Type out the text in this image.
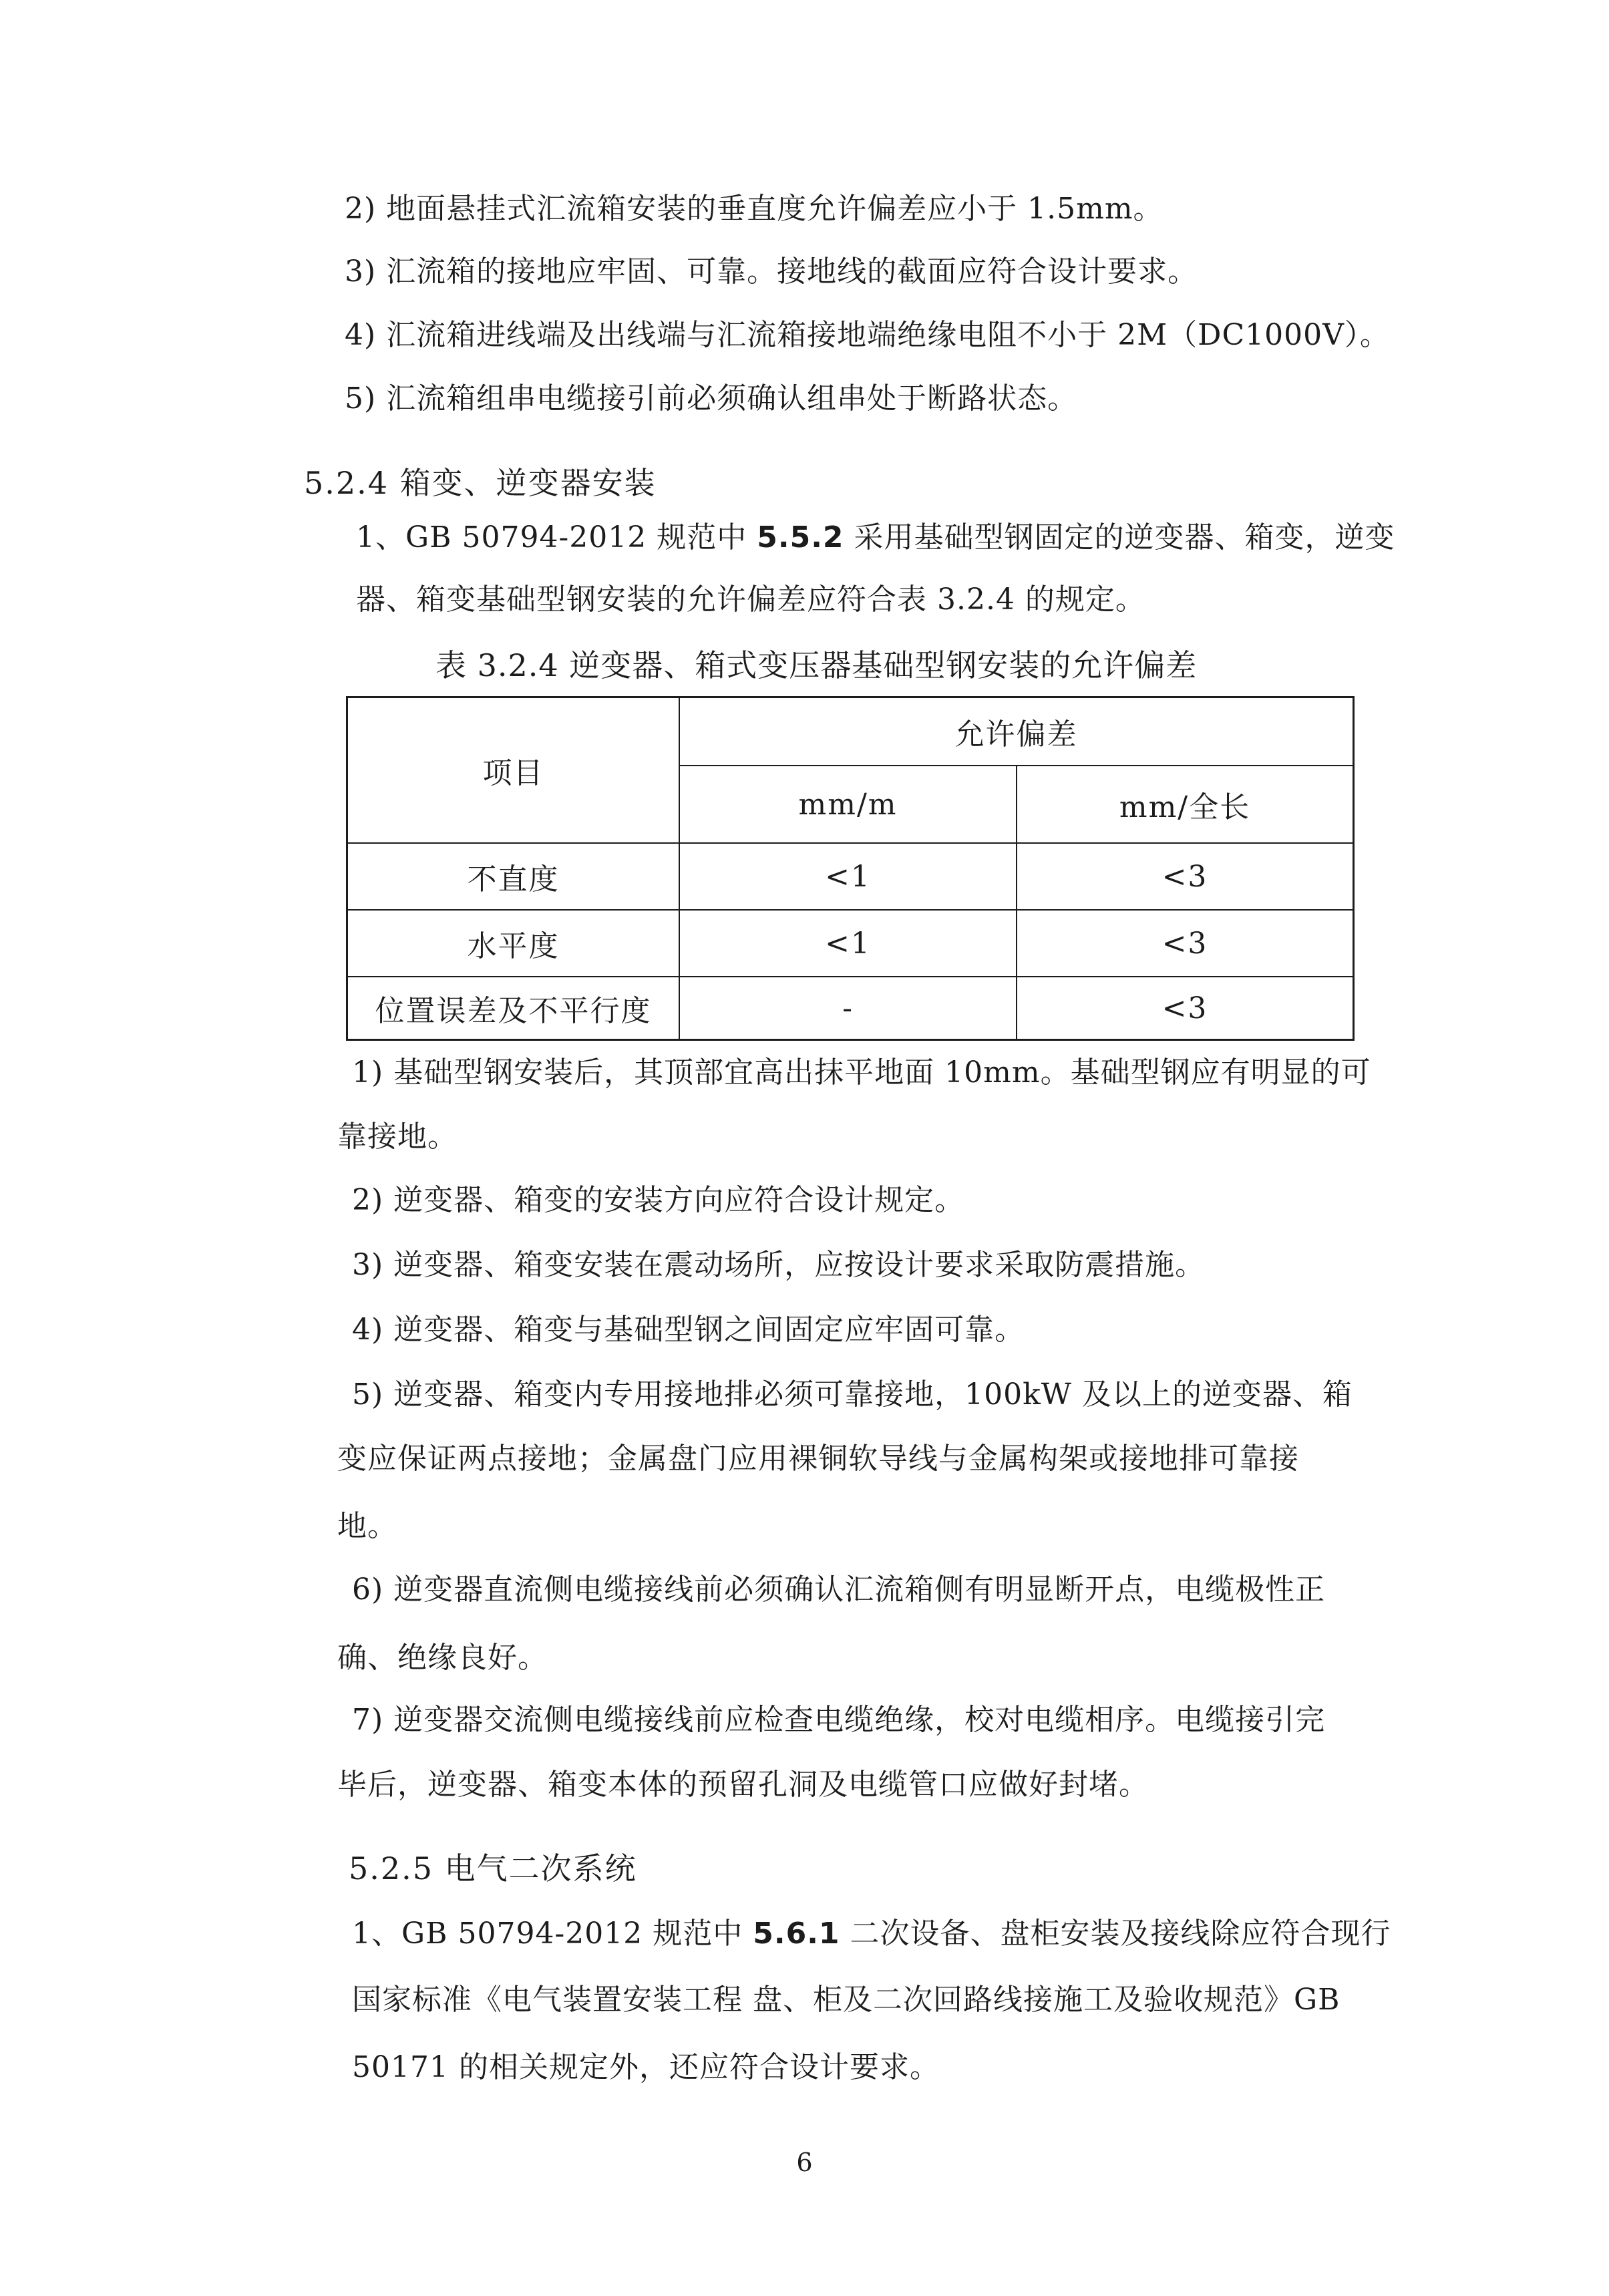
2) 地面悬挂式汇流箱安装的垂直度允许偏差应小于 1.5mm。
3) 汇流箱的接地应牢固、可靠。接地线的截面应符合设计要求。
4) 汇流箱进线端及出线端与汇流箱接地端绝缘电阻不小于 2M（DC1000V）。
5) 汇流箱组串电缆接引前必须确认组串处于断路状态。
5.2.4 箱变、逆变器安装
1、GB 50794-2012 规范中 5.5.2 采用基础型钢固定的逆变器、箱变，逆变
器、箱变基础型钢安装的允许偏差应符合表 3.2.4 的规定。
表 3.2.4 逆变器、箱式变压器基础型钢安装的允许偏差
项目
允许偏差
mm/m	mm/全长
不直度	<1	<3
水平度	<1	<3
位置误差及不平行度	-	<3
1) 基础型钢安装后，其顶部宜高出抹平地面 10mm。基础型钢应有明显的可
靠接地。
2) 逆变器、箱变的安装方向应符合设计规定。
3) 逆变器、箱变安装在震动场所，应按设计要求采取防震措施。
4) 逆变器、箱变与基础型钢之间固定应牢固可靠。
5) 逆变器、箱变内专用接地排必须可靠接地，100kW 及以上的逆变器、箱
变应保证两点接地；金属盘门应用裸铜软导线与金属构架或接地排可靠接
地。
6) 逆变器直流侧电缆接线前必须确认汇流箱侧有明显断开点，电缆极性正
确、绝缘良好。
7) 逆变器交流侧电缆接线前应检查电缆绝缘，校对电缆相序。电缆接引完
毕后，逆变器、箱变本体的预留孔洞及电缆管口应做好封堵。
5.2.5 电气二次系统
1、GB 50794-2012 规范中 5.6.1 二次设备、盘柜安装及接线除应符合现行
国家标准《电气装置安装工程 盘、柜及二次回路线接施工及验收规范》GB
50171 的相关规定外，还应符合设计要求。
6
